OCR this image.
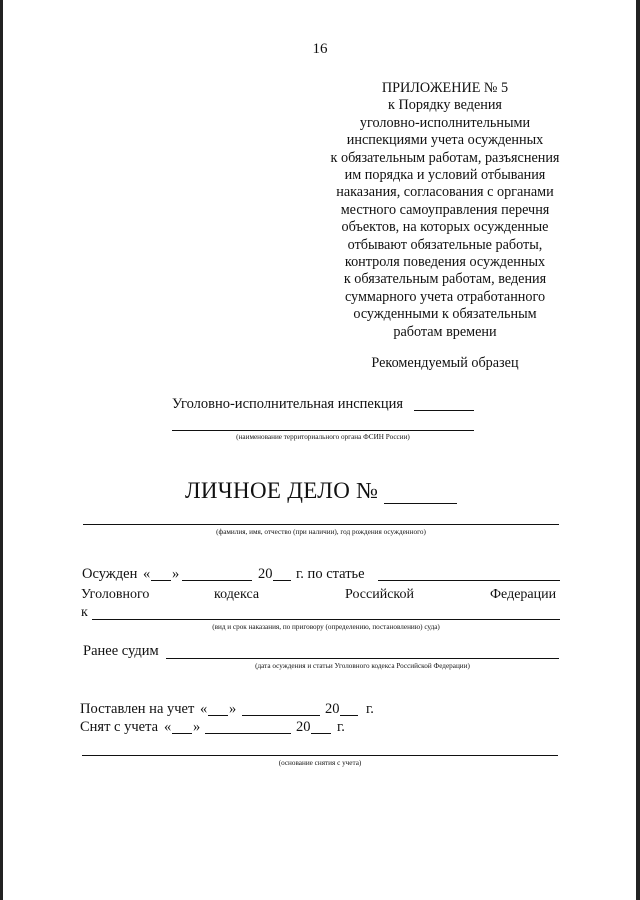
16
ПРИЛОЖЕНИЕ № 5
к Порядку ведения
уголовно-исполнительными
инспекциями учета осужденных
к обязательным работам, разъяснения
им порядка и условий отбывания
наказания, согласования с органами
местного самоуправления перечня
объектов, на которых осужденные
отбывают обязательные работы,
контроля поведения осужденных
к обязательным работам, ведения
суммарного учета отработанного
осужденными к обязательным
работам времени
Рекомендуемый образец
Уголовно-исполнительная инспекция
(наименование территориального органа ФСИН России)
ЛИЧНОЕ ДЕЛО №
(фамилия, имя, отчество (при наличии), год рождения осужденного)
Осужден « »	20 г. по статье
Уголовного	кодекса	Российской	Федерации
к
(вид и срок наказания, по приговору (определению, постановлению) суда)
Ранее судим
(дата осуждения и статьи Уголовного кодекса Российской Федерации)
Поставлен на учет « »	20 г.
Снят с учета « »	20 г.
(основание снятия с учета)
